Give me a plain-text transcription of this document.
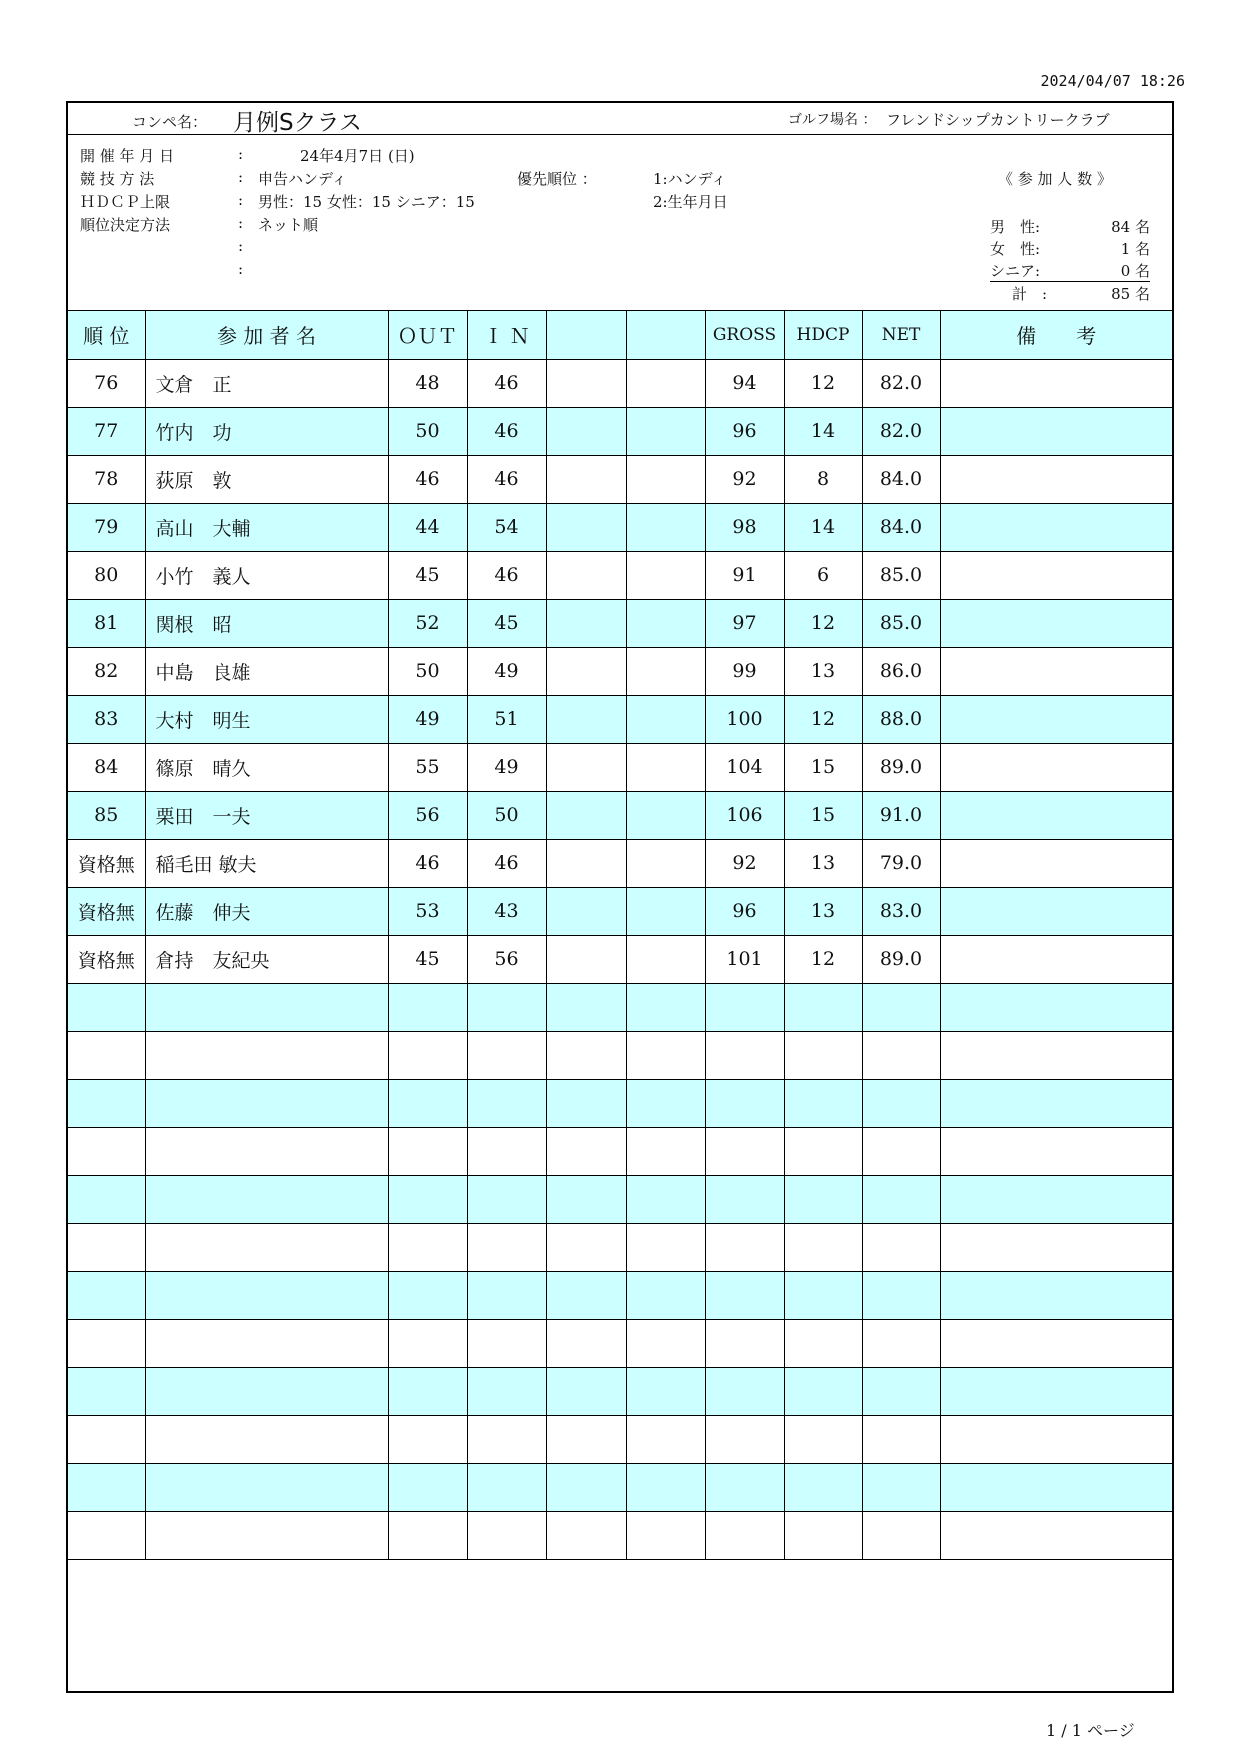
2024/04/07 18:26
コンペ名： 月例Sクラス	ゴルフ場名 ： フレンドシップカントリークラブ
開 催 年 月 日	:	24年4月7日 (日)
競 技 方 法	: 申告ハンディ	優先順位 ：	1:ハンディ
ＨＤＣＰ上限	: 男性：15 女性：15 シニア：15	2:生年月日
順位決定方法	: ネット順
:
:
《 参 加 人 数 》
男　性:	84 名
女　性:	1 名
シニア:	0 名
計　:	85 名
順 位	参 加 者 名	ＯＵＴ	Ｉ Ｎ			GROSS	HDCP	NET	備　　考
76	文倉　正	48	46			94	12	82.0	
77	竹内　功	50	46			96	14	82.0	
78	荻原　敦	46	46			92	8	84.0	
79	高山　大輔	44	54			98	14	84.0	
80	小竹　義人	45	46			91	6	85.0	
81	関根　昭	52	45			97	12	85.0	
82	中島　良雄	50	49			99	13	86.0	
83	大村　明生	49	51			100	12	88.0	
84	篠原　晴久	55	49			104	15	89.0	
85	栗田　一夫	56	50			106	15	91.0	
資格無	稲毛田 敏夫	46	46			92	13	79.0	
資格無	佐藤　伸夫	53	43			96	13	83.0	
資格無	倉持　友紀央	45	56			101	12	89.0	

1 / 1 ページ
